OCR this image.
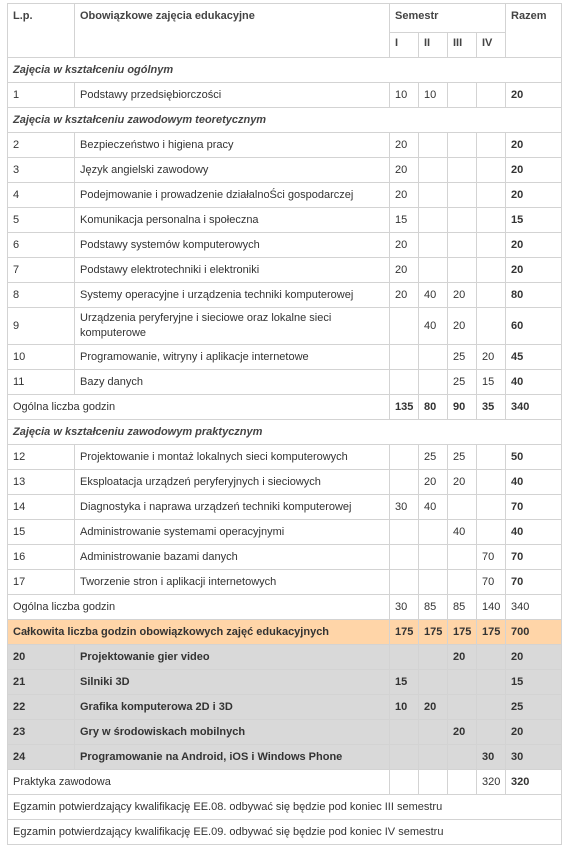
L.p.	Obowiązkowe zajęcia edukacyjne	Semestr				Razem
		I	II	III	IV	
Zajęcia w kształceniu ogólnym						
1	Podstawy przedsiębiorczości	10	10			20
Zajęcia w kształceniu zawodowym teoretycznym						
2	Bezpieczeństwo i higiena pracy	20				20
3	Język angielski zawodowy	20				20
4	Podejmowanie i prowadzenie działalnoŚci gospodarczej	20				20
5	Komunikacja personalna i społeczna	15				15
6	Podstawy systemów komputerowych	20				20
7	Podstawy elektrotechniki i elektroniki	20				20
8	Systemy operacyjne i urządzenia techniki komputerowej	20	40	20		80
9	Urządzenia peryferyjne i sieciowe oraz lokalne sieci komputerowe		40	20		60
10	Programowanie, witryny i aplikacje internetowe			25	20	45
11	Bazy danych			25	15	40
Ogólna liczba godzin		135	80	90	35	340
Zajęcia w kształceniu zawodowym praktycznym						
12	Projektowanie i montaż lokalnych sieci komputerowych		25	25		50
13	Eksploatacja urządzeń peryferyjnych i sieciowych		20	20		40
14	Diagnostyka i naprawa urządzeń techniki komputerowej	30	40			70
15	Administrowanie systemami operacyjnymi			40		40
16	Administrowanie bazami danych				70	70
17	Tworzenie stron i aplikacji internetowych				70	70
Ogólna liczba godzin		30	85	85	140	340
Całkowita liczba godzin obowiązkowych zajęć edukacyjnych		175	175	175	175	700
20	Projektowanie gier video			20		20
21	Silniki 3D	15				15
22	Grafika komputerowa 2D i 3D	10	20			25
23	Gry w środowiskach mobilnych			20		20
24	Programowanie na Android, iOS i Windows Phone				30	30
Praktyka zawodowa					320	320
Egzamin potwierdzający kwalifikację EE.08. odbywać się będzie pod koniec III semestru						
Egzamin potwierdzający kwalifikację EE.09. odbywać się będzie pod koniec IV semestru						
